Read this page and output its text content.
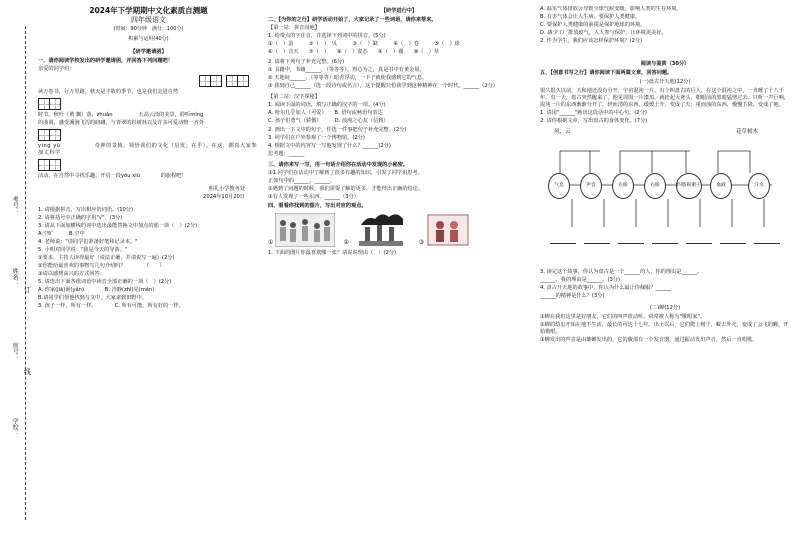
考号：
姓名：
订
座号：
线
学校：
2024年下学期期中文化素质自测题
四年级语文
(时间：90分钟　满分：100分)
积累与运用(40分)
【研学邀请函】
一、请你阅读学校发出的研学邀请函，并回答下列问题吧！

亲爱的同学们：

读万卷书，行万里路。秋天是丰收的季节，也是我们走进自然

时节。秋叶（黄 飘）落，zhuǎn　　　　　天高云淡的美景，聆听mìnɡ

的曲调，感受溪涧飞泻的磅礴，与青翠的杉树林以及许多可爱动物一齐外

yìng yū　　　　　　奇神的景致，领悟我们的文化（启发；在乎）。在这，都真大家参加丈科学

活动，在自然中寻找乐趣，开启一段yōu xiù　　　　的旅程吧！

明礼小学教务处

2024年10月20日

1. 请根据拼音，写出相应的词语。(10分)

2. 请将括号中正确的字用"√"。(3分)

3. 请从下面加横线的词中选出最能替换文中加点的那一项（　）(2分)

A.空旷　　　B.空中

4. 老师说："请同学们准备好笔和记录本。"

5. 小明对同学说："我是今天的导游。"

①要求，主持人读得最好（说法正确，并请说写一遍）(2分)

②你能给最喜欢的事物写几句介绍吗？　　　　（　　）

③请以感到高兴的方式回答：

5. 请选出下面各组词语中读音全部正确的一项（　）(2分)

A. 你家(jiā)诞(yán)　　　　B. 冷静(zhǐ)晃(mén)

B.请同学们帮他找到与文中，大家来到田野中。

3. 孩子一样，所有一样。　　　　C. 所有可能，所有好的一样。

【研学进行中】
二、【为你的之行】研学活动开始了，大家记录了一些词语，请你来帮来。

【第一站：拼音园地】

1. 给带点的字注音，并选择下列词中的拼音。(5分)

①（　）蛋　　　②（　）　贝　　　③（　）缺　　　④（　）卷　　　⑤（　）球

⑥（　）音天　　⑦（　）　　⑧（　）姿态　　⑨（　）谢　　⑩（　）草

2. 请将下列句子补充完整。(6分)

① 书籍中，书籍______，（等等等）。得心为之，真是书中有黄金屋。

② 天地间______，（等等等）暗香浮动，一下子就使我感到它的气息。

③ 我到自己______（选一段诗句或名言），这个提醒只怕我学到这种精神在一个时代。______（2分）

【第二站：汉字探秘】

1. 阅读下面的词语，填写正确的汉字的一项。(4分)

A. 哈尔几乎加人（可爱）　　B. 语句流畅语句表达

C. 孩子们勇气（骄傲）　　　D. 浪漫之心友（信到）

2. 画出一下文中的句子，任选一件事把句子补充完整。(2分)

3. 同学们在户外参观了一个博物馆。(2分)

4. 根据文中的内容写一写他发现了什么？______(2分)

思考题：______

三、请你来写一写，用一句话介绍你在活动中发现的小秘密。

①1.同学们在活动中了解到了很多有趣的知识，引发了同学们思考。

正如句中的______，______。

②遇到了问题的时候，我们需要了解的更多，才能得出正确的结论。

③有人发现了一些东西。______（3分）

四、看看你找到的图片，写出对应的观点。
①	②	③

1. 下面的图片你最喜欢哪一张？请说说理由（　）(2分)

A. 温室气体排放会导致全球气候变暖，影响人类的生存环境。

B. 有害气体会让人生病，要保护人类健康。

C. 要保护人类健康的前提是保护地球的环境。

D. 减少工厂排放废气，人人参与保护，让环境更美好。

2. 作为学生，我们应该怎样保护环境？(2分)

阅读与鉴赏（30分）
五、【创意书写之行】请你阅读下面两篇文章，回答问题。
(一)盘古开天地(12分)

很久很久以前，天和地还没有分开，宇宙混沌一片。有个叫盘古的巨人，在这个混沌之中，一直睡了十八千年。有一天，盘古突然醒来了。他见周围一片漆黑，就抡起大斧头，朝眼前的黑暗猛劈过去。只听一声巨响，混沌一片的东西渐渐分开了。轻而清的东西，缓缓上升，变成了天；重而浊的东西，慢慢下降，变成了地。

1. 请用"______"画出这段话中的中心句。(2分)

2. 请你根据文章，写出盘古的身体变化。(7分)

风、云	花草树木
气息	声音	左眼	右眼	四肢和躯干	血液	汗水

3. 读完这个故事，你认为盘古是一个______的人，你的理由是______。

______，我的理由是______。(3分)

4. 盘古开天地的故事中，你认为什么最让你佩服？______

______的精神是什么？(3分)

(二)蝉(12分)

①蝉在我们这里是好朋友，它们的叫声很动听，常常被人称为"歌唱家"。

②蝉的幼虫开始在地下生活，最长的可达十七年。出土以后，它们爬上树干，蜕去外壳，变成了会飞的蝉，开始歌唱。

③蝉发出的声音是由雄蝉发出的，它的腹部有一个发音器，通过振动发出声音，然后一直唱歌。
